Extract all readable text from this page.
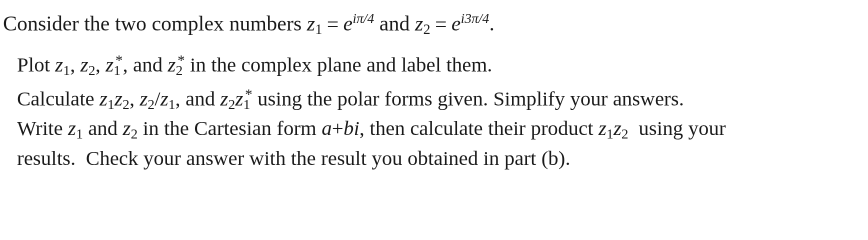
Consider the two complex numbers $z_1 = e^{i\pi/4}$ and $z_2 = e^{i3\pi/4}$.
Plot $z_1$, $z_2$, $z_1^*$, and $z_2^*$ in the complex plane and label them.
Calculate $z_1z_2$, $z_2/z_1$, and $z_2z_1^*$ using the polar forms given. Simplify your answers.
Write $z_1$ and $z_2$ in the Cartesian form a+bi, then calculate their product $z_1z_2$  using your
results.  Check your answer with the result you obtained in part (b).
